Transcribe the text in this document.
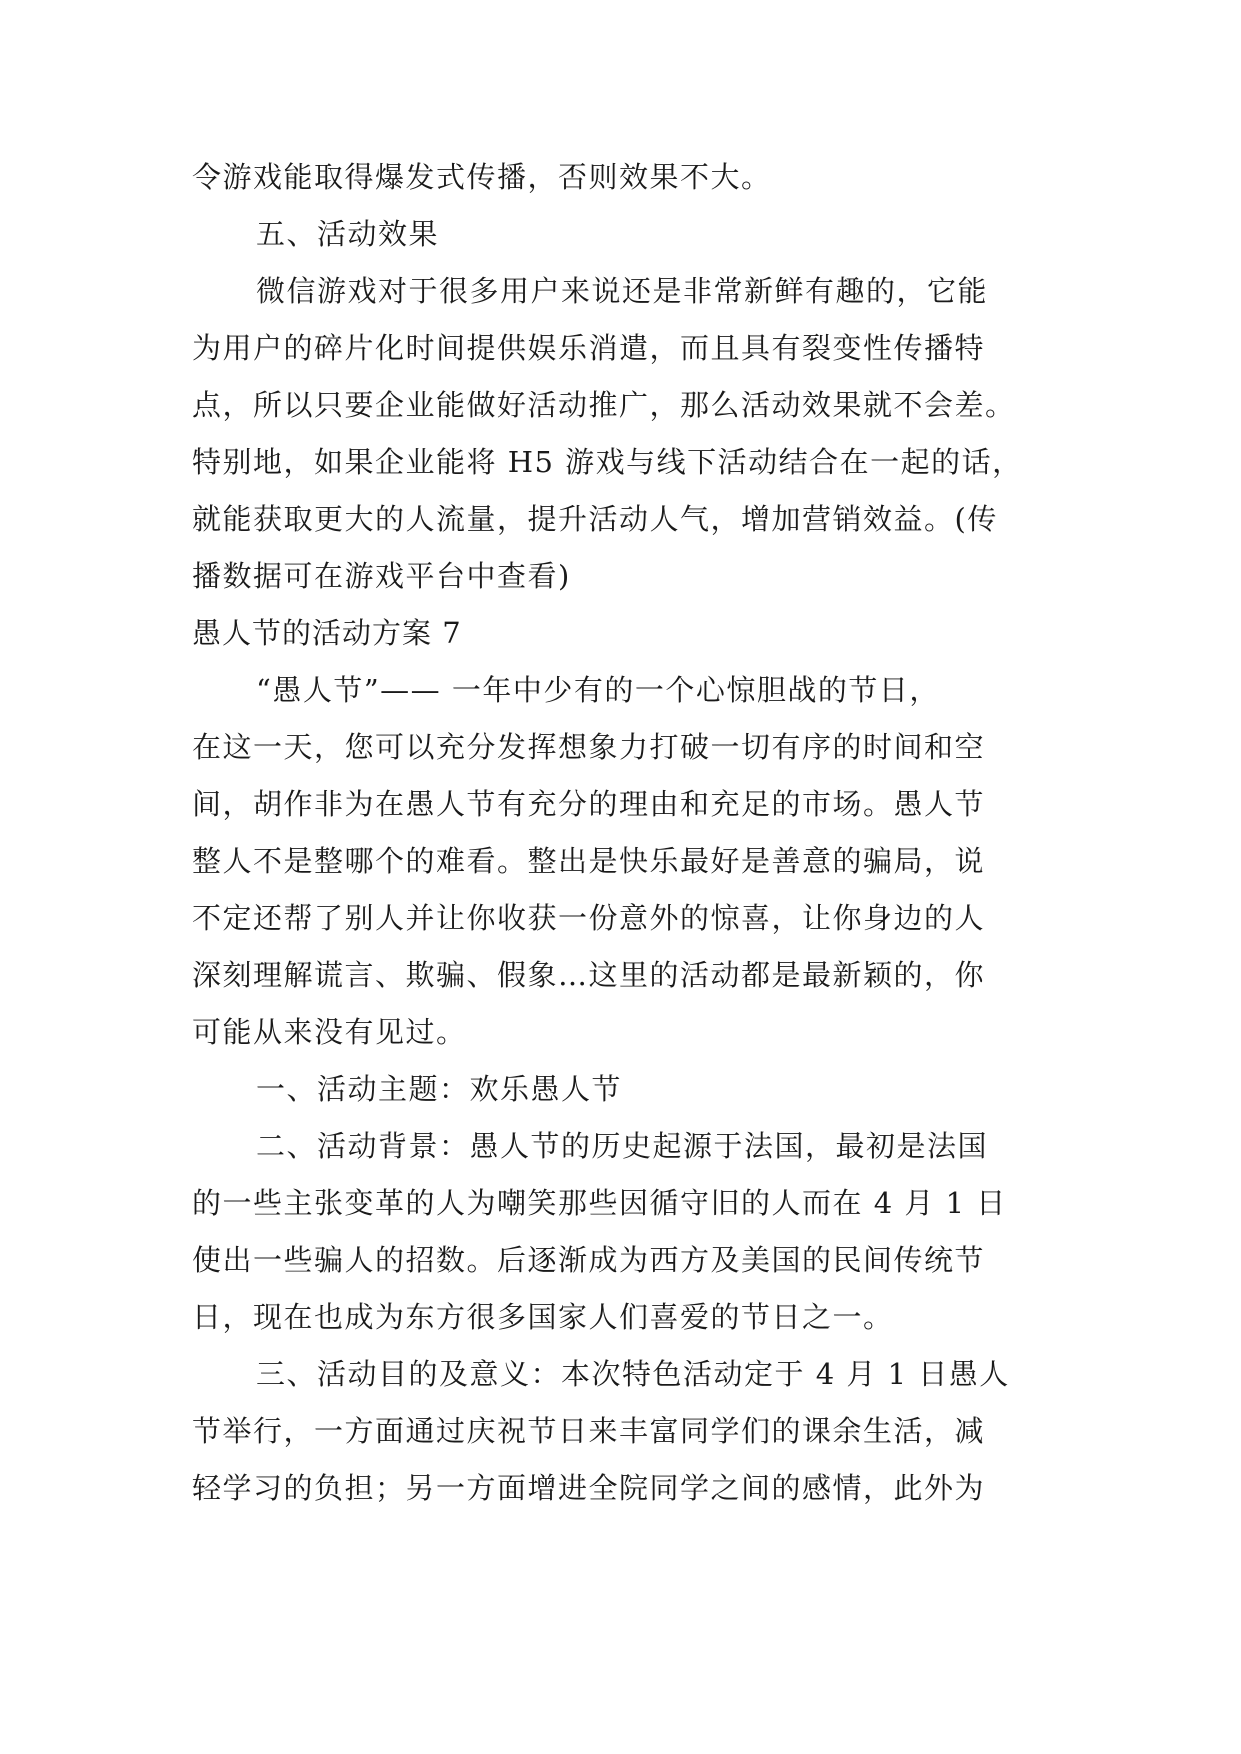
令游戏能取得爆发式传播，否则效果不大。
五、活动效果
微信游戏对于很多用户来说还是非常新鲜有趣的，它能
为用户的碎片化时间提供娱乐消遣，而且具有裂变性传播特
点，所以只要企业能做好活动推广，那么活动效果就不会差。
特别地，如果企业能将 H5 游戏与线下活动结合在一起的话，
就能获取更大的人流量，提升活动人气，增加营销效益。(传
播数据可在游戏平台中查看)
愚人节的活动方案 7
“愚人节”—— 一年中少有的一个心惊胆战的节日，
在这一天，您可以充分发挥想象力打破一切有序的时间和空
间，胡作非为在愚人节有充分的理由和充足的市场。愚人节
整人不是整哪个的难看。整出是快乐最好是善意的骗局，说
不定还帮了别人并让你收获一份意外的惊喜，让你身边的人
深刻理解谎言、欺骗、假象…这里的活动都是最新颖的，你
可能从来没有见过。
一、活动主题：欢乐愚人节
二、活动背景：愚人节的历史起源于法国，最初是法国
的一些主张变革的人为嘲笑那些因循守旧的人而在 4 月 1 日
使出一些骗人的招数。后逐渐成为西方及美国的民间传统节
日，现在也成为东方很多国家人们喜爱的节日之一。
三、活动目的及意义：本次特色活动定于 4 月 1 日愚人
节举行，一方面通过庆祝节日来丰富同学们的课余生活，减
轻学习的负担；另一方面增进全院同学之间的感情，此外为
